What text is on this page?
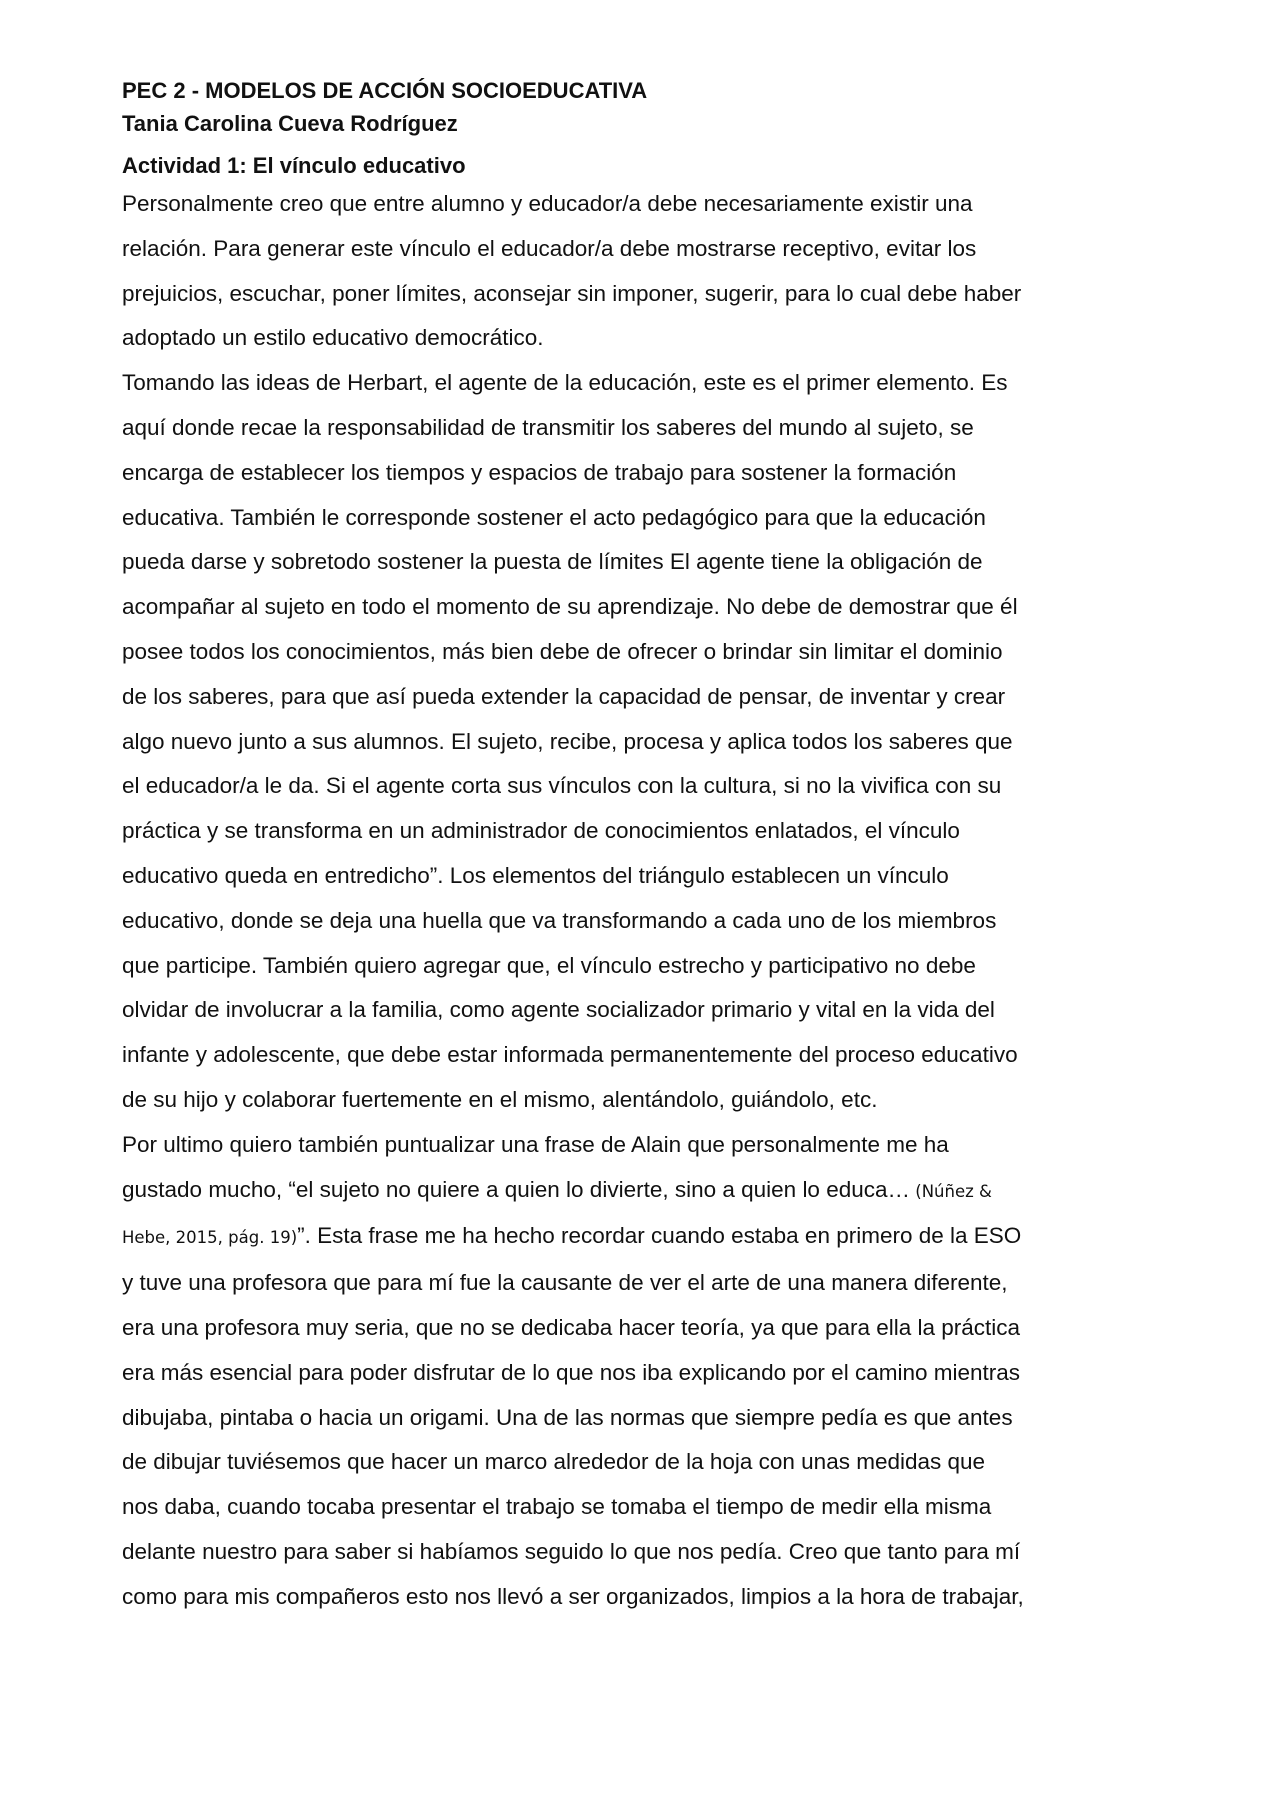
PEC 2 - MODELOS DE ACCIÓN SOCIOEDUCATIVA
Tania Carolina Cueva Rodríguez
Actividad 1: El vínculo educativo

Personalmente creo que entre alumno y educador/a debe necesariamente existir una
relación. Para generar este vínculo el educador/a debe mostrarse receptivo, evitar los
prejuicios, escuchar, poner límites, aconsejar sin imponer, sugerir, para lo cual debe haber
adoptado un estilo educativo democrático.

Tomando las ideas de Herbart, el agente de la educación, este es el primer elemento. Es
aquí donde recae la responsabilidad de transmitir los saberes del mundo al sujeto, se
encarga de establecer los tiempos y espacios de trabajo para sostener la formación
educativa. También le corresponde sostener el acto pedagógico para que la educación
pueda darse y sobretodo sostener la puesta de límites El agente tiene la obligación de
acompañar al sujeto en todo el momento de su aprendizaje. No debe de demostrar que él
posee todos los conocimientos, más bien debe de ofrecer o brindar sin limitar el dominio
de los saberes, para que así pueda extender la capacidad de pensar, de inventar y crear
algo nuevo junto a sus alumnos. El sujeto, recibe, procesa y aplica todos los saberes que
el educador/a le da. Si el agente corta sus vínculos con la cultura, si no la vivifica con su
práctica y se transforma en un administrador de conocimientos enlatados, el vínculo
educativo queda en entredicho”. Los elementos del triángulo establecen un vínculo
educativo, donde se deja una huella que va transformando a cada uno de los miembros
que participe. También quiero agregar que, el vínculo estrecho y participativo no debe
olvidar de involucrar a la familia, como agente socializador primario y vital en la vida del
infante y adolescente, que debe estar informada permanentemente del proceso educativo
de su hijo y colaborar fuertemente en el mismo, alentándolo, guiándolo, etc.

Por ultimo quiero también puntualizar una frase de Alain que personalmente me ha
gustado mucho, “el sujeto no quiere a quien lo divierte, sino a quien lo educa… (Núñez &
Hebe, 2015, pág. 19)”. Esta frase me ha hecho recordar cuando estaba en primero de la ESO
y tuve una profesora que para mí fue la causante de ver el arte de una manera diferente,
era una profesora muy seria, que no se dedicaba hacer teoría, ya que para ella la práctica
era más esencial para poder disfrutar de lo que nos iba explicando por el camino mientras
dibujaba, pintaba o hacia un origami. Una de las normas que siempre pedía es que antes
de dibujar tuviésemos que hacer un marco alrededor de la hoja con unas medidas que
nos daba, cuando tocaba presentar el trabajo se tomaba el tiempo de medir ella misma
delante nuestro para saber si habíamos seguido lo que nos pedía. Creo que tanto para mí
como para mis compañeros esto nos llevó a ser organizados, limpios a la hora de trabajar,
